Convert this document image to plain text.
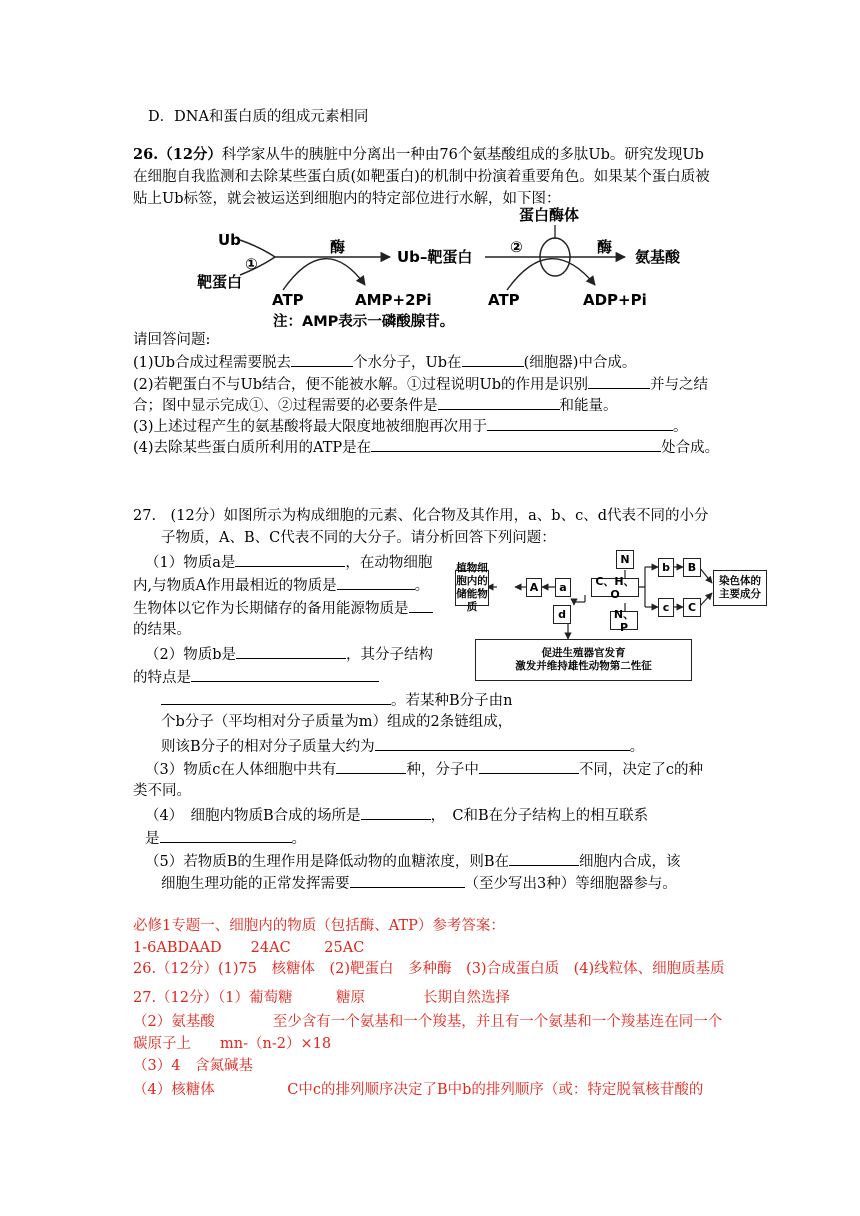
D．DNA和蛋白质的组成元素相同
26.（12分）科学家从牛的胰脏中分离出一种由76个氨基酸组成的多肽Ub。研究发现Ub
在细胞自我监测和去除某些蛋白质(如靶蛋白)的机制中扮演着重要角色。如果某个蛋白质被
贴上Ub标签，就会被运送到细胞内的特定部位进行水解，如下图：
Ub
靶蛋白
①
酶
ATP	AMP+2Pi
Ub–靶蛋白
②
蛋白酶体
酶
氨基酸
ATP	ADP+Pi
注：AMP表示一磷酸腺苷。
请回答问题:
(1)Ub合成过程需要脱去	个水分子，Ub在	(细胞器)中合成。
(2)若靶蛋白不与Ub结合，便不能被水解。①过程说明Ub的作用是识别	并与之结
合；图中显示完成①、②过程需要的必要条件是	和能量。
(3)上述过程产生的氨基酸将最大限度地被细胞再次用于	。
(4)去除某些蛋白质所利用的ATP是在	处合成。
27.　(12分）如图所示为构成细胞的元素、化合物及其作用，a、b、c、d代表不同的小分
子物质，A、B、C代表不同的大分子。请分析回答下列问题：
（1）物质a是	，在动物细胞
内,与物质A作用最相近的物质是	。
生物体以它作为长期储存的备用能源物质是
的结果。
（2）物质b是	，其分子结构
的特点是
。若某种B分子由n
个b分子（平均相对分子质量为m）组成的2条链组成，
则该B分子的相对分子质量大约为	。
（3）物质c在人体细胞中共有	种，分子中	不同，决定了c的种
类不同。
（4）　细胞内物质B合成的场所是	，　C和B在分子结构上的相互联系
是	。
（5）若物质B的生理作用是降低动物的血糖浓度，则B在	细胞内合成，该
细胞生理功能的正常发挥需要	（至少写出3种）等细胞器参与。
植物细胞内的储能物质
A	a	C、H、O
N
N、P
b	B
c	C
染色体的主要成分
d
促进生殖器官发育
激发并维持雄性动物第二性征
必修1专题一、细胞内的物质（包括酶、ATP）参考答案：
1-6ABDAAD　　24AC　　 25AC
26.（12分）(1)75　核糖体　(2)靶蛋白　多种酶　(3)合成蛋白质　(4)线粒体、细胞质基质
27.（12分）（1）葡萄糖　　　糖原　　　　长期自然选择
（2）氨基酸　　　　至少含有一个氨基和一个羧基，并且有一个氨基和一个羧基连在同一个
碳原子上　　mn-（n-2）×18
（3）4　含氮碱基
（4）核糖体　　　　　C中c的排列顺序决定了B中b的排列顺序（或：特定脱氧核苷酸的
